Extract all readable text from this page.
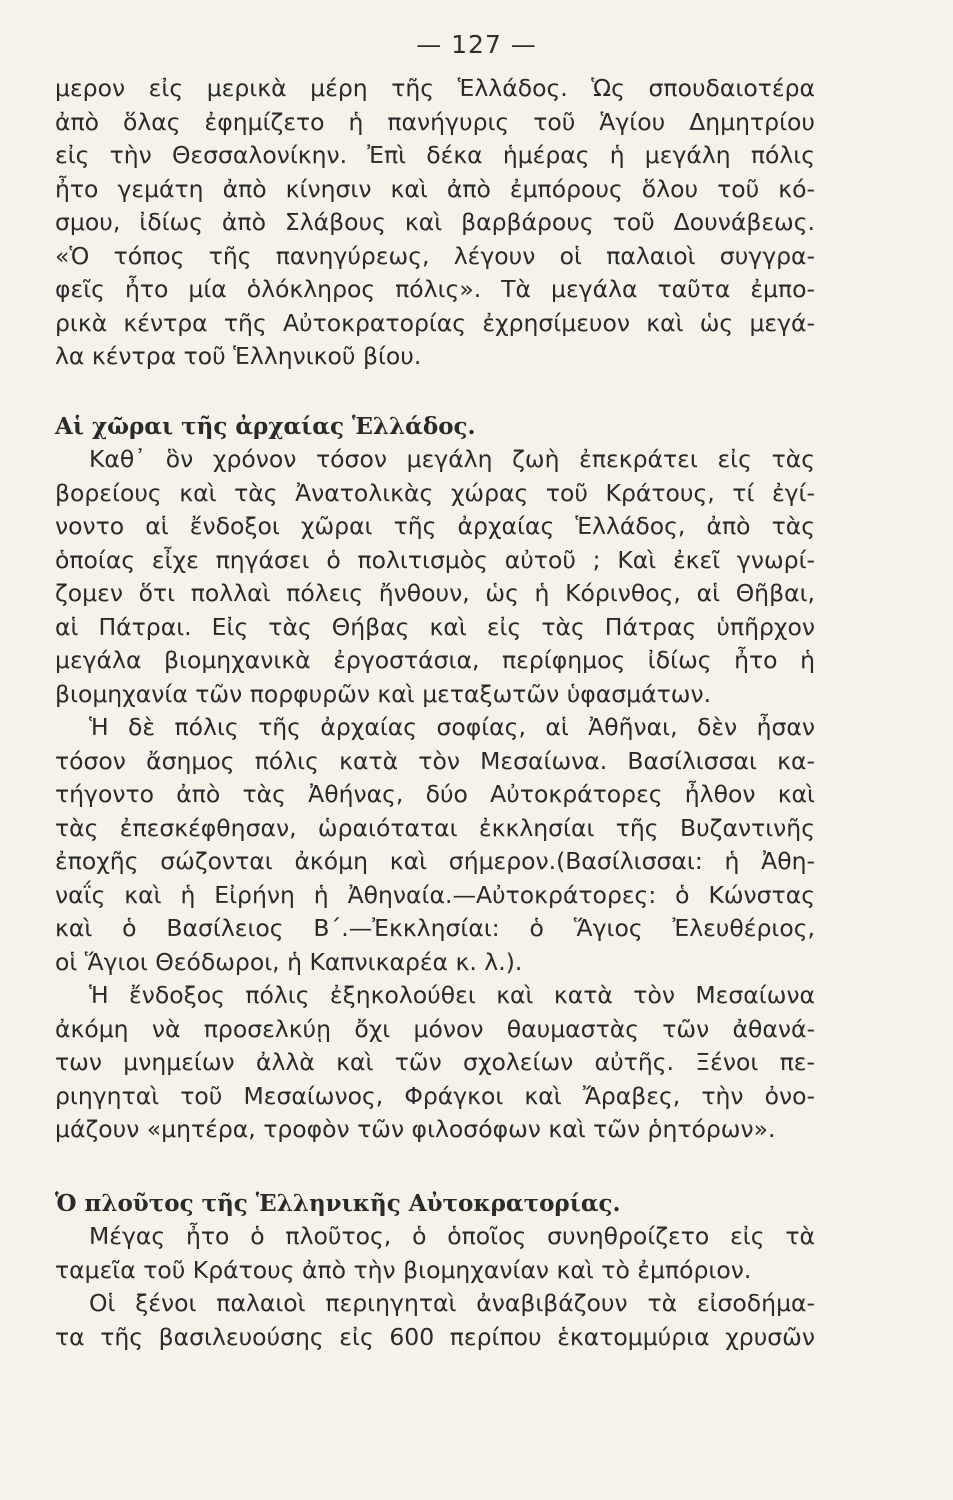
— 127 —
μερον εἰς μερικὰ μέρη τῆς Ἑλλάδος. Ὡς σπουδαιοτέρα
ἀπὸ ὅλας ἐφημίζετο ἡ πανήγυρις τοῦ Ἁγίου Δημητρίου
εἰς τὴν Θεσσαλονίκην. Ἐπὶ δέκα ἡμέρας ἡ μεγάλη πόλις
ἦτο γεμάτη ἀπὸ κίνησιν καὶ ἀπὸ ἐμπόρους ὅλου τοῦ κό-
σμου, ἰδίως ἀπὸ Σλάβους καὶ βαρβάρους τοῦ Δουνάβεως.
«Ὁ τόπος τῆς πανηγύρεως, λέγουν οἱ παλαιοὶ συγγρα-
φεῖς ἦτο μία ὁλόκληρος πόλις». Τὰ μεγάλα ταῦτα ἐμπο-
ρικὰ κέντρα τῆς Αὐτοκρατορίας ἐχρησίμευον καὶ ὡς μεγά-
λα κέντρα τοῦ Ἑλληνικοῦ βίου.
Αἱ χῶραι τῆς ἀρχαίας Ἑλλάδος.
Καθ᾽ ὃν χρόνον τόσον μεγάλη ζωὴ ἐπεκράτει εἰς τὰς
βορείους καὶ τὰς Ἀνατολικὰς χώρας τοῦ Κράτους, τί ἐγί-
νοντο αἱ ἔνδοξοι χῶραι τῆς ἀρχαίας Ἑλλάδος, ἀπὸ τὰς
ὁποίας εἶχε πηγάσει ὁ πολιτισμὸς αὐτοῦ ; Καὶ ἐκεῖ γνωρί-
ζομεν ὅτι πολλαὶ πόλεις ἤνθουν, ὡς ἡ Κόρινθος, αἱ Θῆβαι,
αἱ Πάτραι. Εἰς τὰς Θήβας καὶ εἰς τὰς Πάτρας ὑπῆρχον
μεγάλα βιομηχανικὰ ἐργοστάσια, περίφημος ἰδίως ἦτο ἡ
βιομηχανία τῶν πορφυρῶν καὶ μεταξωτῶν ὑφασμάτων.
Ἡ δὲ πόλις τῆς ἀρχαίας σοφίας, αἱ Ἀθῆναι, δὲν ἦσαν
τόσον ἄσημος πόλις κατὰ τὸν Μεσαίωνα. Βασίλισσαι κα-
τήγοντο ἀπὸ τὰς Ἀθήνας, δύο Αὐτοκράτορες ἦλθον καὶ
τὰς ἐπεσκέφθησαν, ὡραιόταται ἐκκλησίαι τῆς Βυζαντινῆς
ἐποχῆς σώζονται ἀκόμη καὶ σήμερον.(Βασίλισσαι: ἡ Ἀθη-
ναΐς καὶ ἡ Εἰρήνη ἡ Ἀθηναία.—Αὐτοκράτορες: ὁ Κώνστας
καὶ ὁ Βασίλειος Β΄.—Ἐκκλησίαι: ὁ Ἅγιος Ἐλευθέριος,
οἱ Ἅγιοι Θεόδωροι, ἡ Καπνικαρέα κ. λ.).
Ἡ ἔνδοξος πόλις ἐξηκολούθει καὶ κατὰ τὸν Μεσαίωνα
ἀκόμη νὰ προσελκύῃ ὄχι μόνον θαυμαστὰς τῶν ἀθανά-
των μνημείων ἀλλὰ καὶ τῶν σχολείων αὐτῆς. Ξένοι πε-
ριηγηταὶ τοῦ Μεσαίωνος, Φράγκοι καὶ Ἄραβες, τὴν ὀνο-
μάζουν «μητέρα, τροφὸν τῶν φιλοσόφων καὶ τῶν ῥητόρων».
Ὁ πλοῦτος τῆς Ἑλληνικῆς Αὐτοκρατορίας.
Μέγας ἦτο ὁ πλοῦτος, ὁ ὁποῖος συνηθροίζετο εἰς τὰ
ταμεῖα τοῦ Κράτους ἀπὸ τὴν βιομηχανίαν καὶ τὸ ἐμπόριον.
Οἱ ξένοι παλαιοὶ περιηγηταὶ ἀναβιβάζουν τὰ εἰσοδήμα-
τα τῆς βασιλευούσης εἰς 600 περίπου ἑκατομμύρια χρυσῶν
